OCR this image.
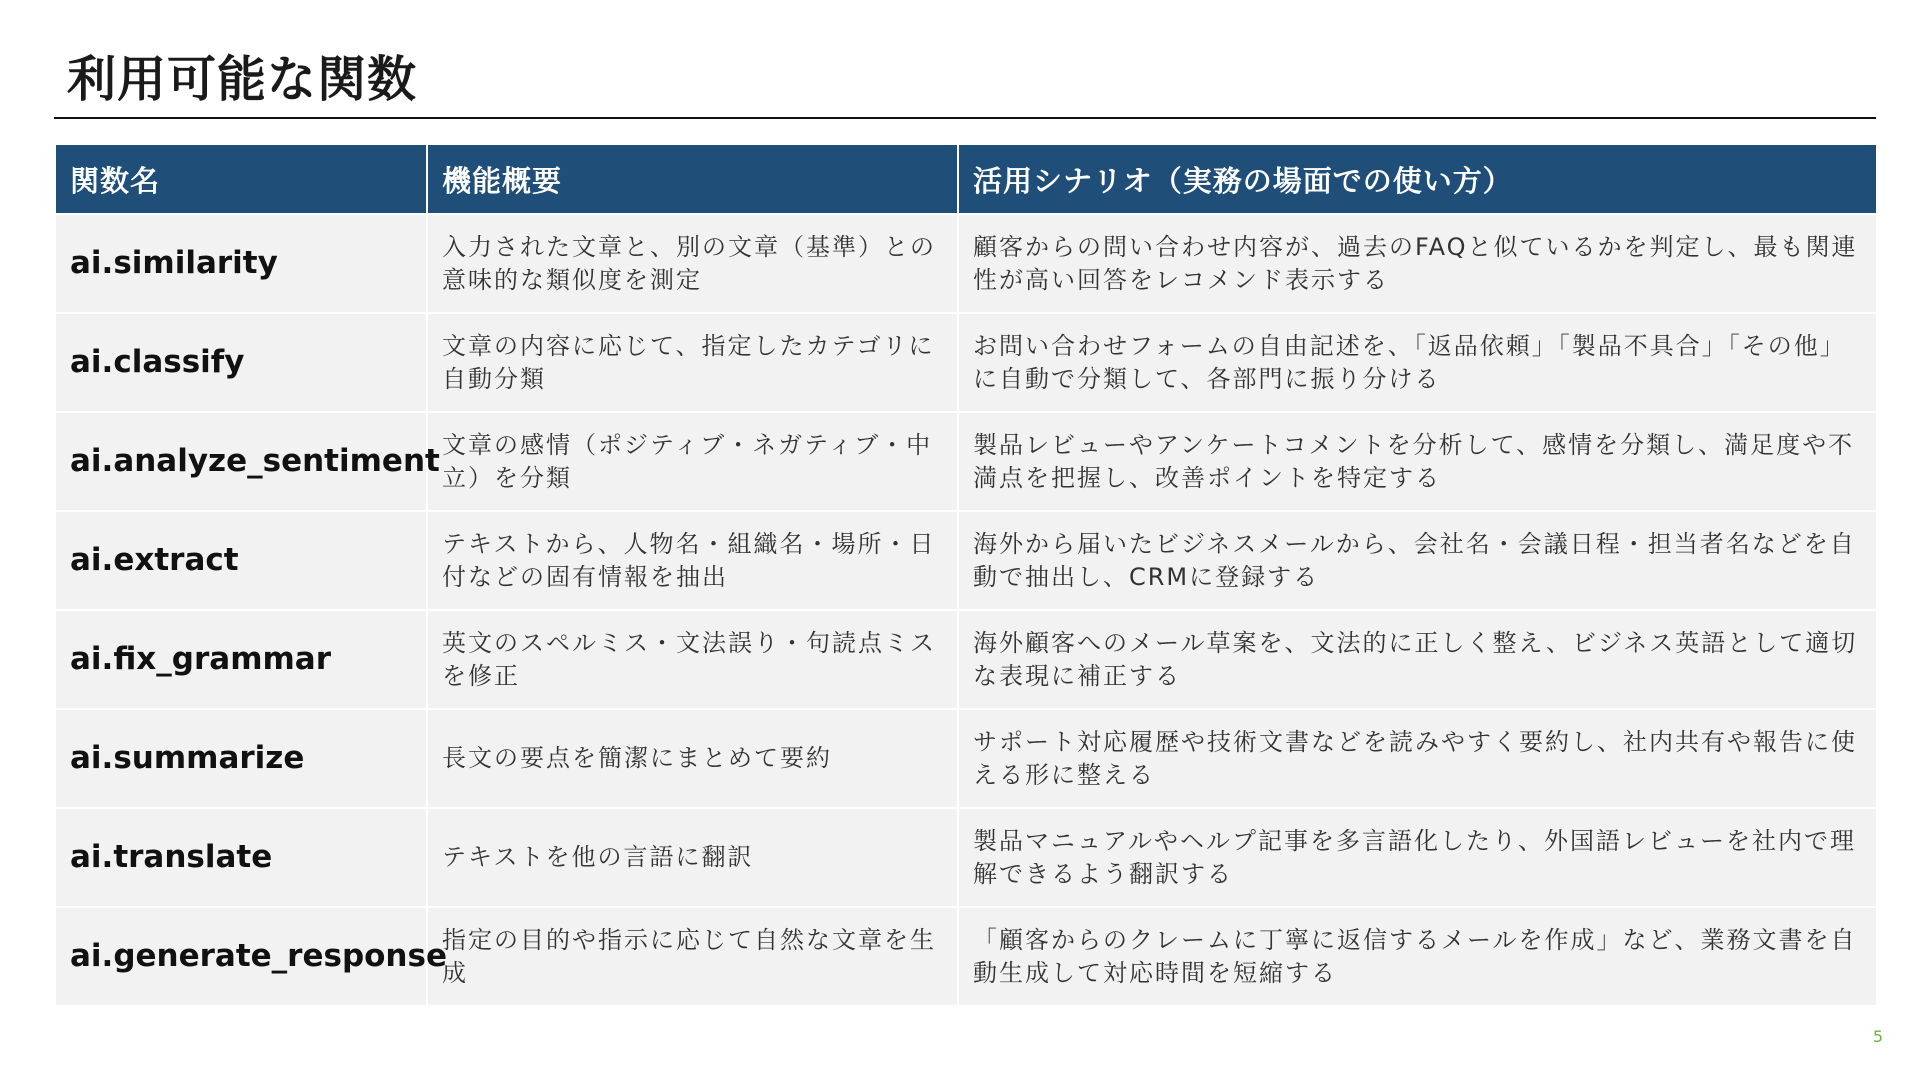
利用可能な関数
関数名	機能概要	活用シナリオ（実務の場面での使い方）
ai.similarity	入力された文章と、別の文章（基準）との意味的な類似度を測定	顧客からの問い合わせ内容が、過去のFAQと似ているかを判定し、最も関連性が高い回答をレコメンド表示する
ai.classify	文章の内容に応じて、指定したカテゴリに自動分類	お問い合わせフォームの自由記述を、「返品依頼」「製品不具合」「その他」に自動で分類して、各部門に振り分ける
ai.analyze_sentiment	文章の感情（ポジティブ・ネガティブ・中立）を分類	製品レビューやアンケートコメントを分析して、感情を分類し、満足度や不満点を把握し、改善ポイントを特定する
ai.extract	テキストから、人物名・組織名・場所・日付などの固有情報を抽出	海外から届いたビジネスメールから、会社名・会議日程・担当者名などを自動で抽出し、CRMに登録する
ai.fix_grammar	英文のスペルミス・文法誤り・句読点ミスを修正	海外顧客へのメール草案を、文法的に正しく整え、ビジネス英語として適切な表現に補正する
ai.summarize	長文の要点を簡潔にまとめて要約	サポート対応履歴や技術文書などを読みやすく要約し、社内共有や報告に使える形に整える
ai.translate	テキストを他の言語に翻訳	製品マニュアルやヘルプ記事を多言語化したり、外国語レビューを社内で理解できるよう翻訳する
ai.generate_response	指定の目的や指示に応じて自然な文章を生成	「顧客からのクレームに丁寧に返信するメールを作成」など、業務文書を自動生成して対応時間を短縮する
5
